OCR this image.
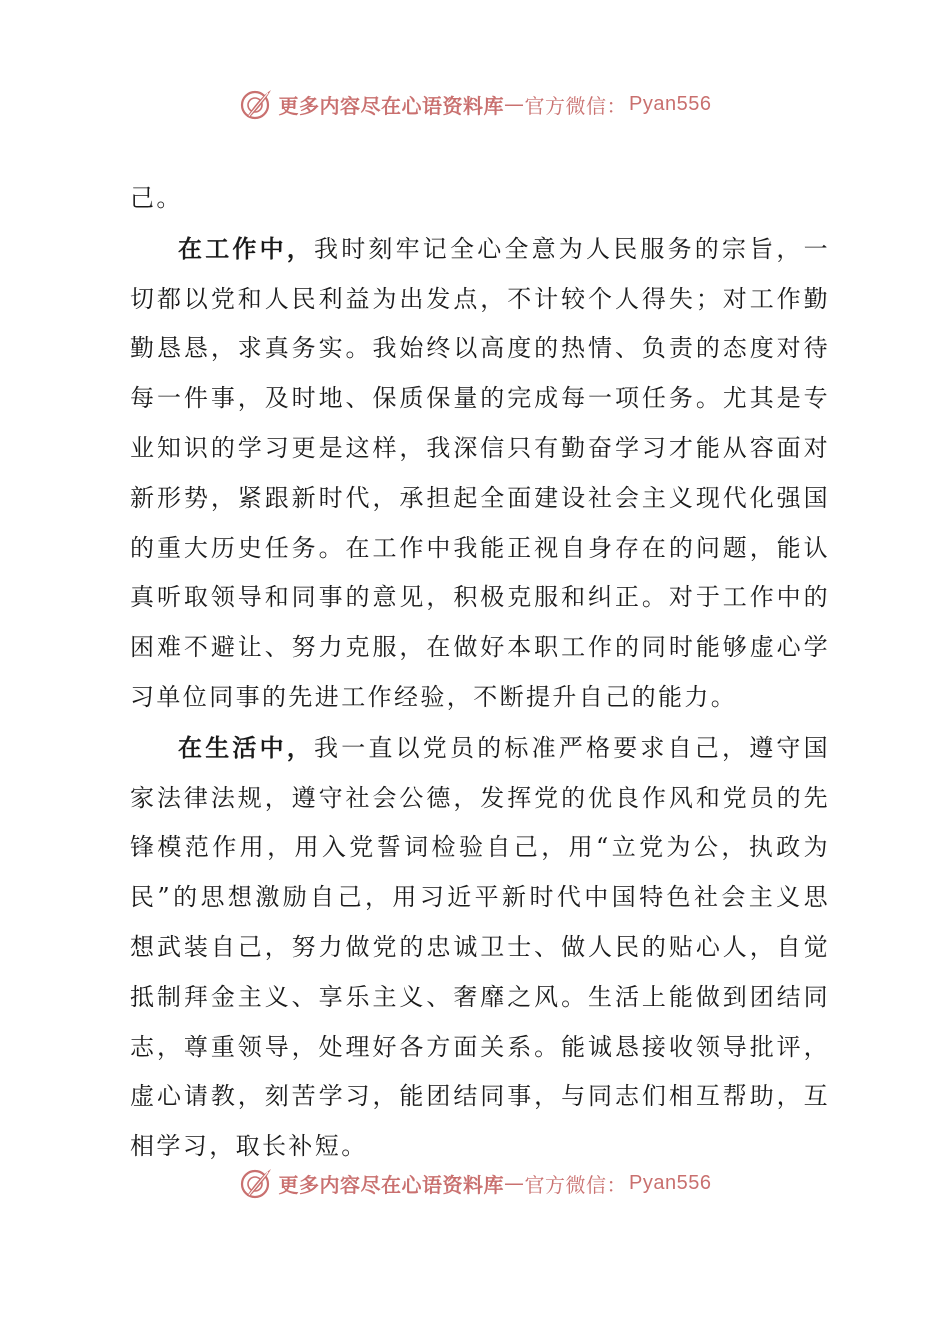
更多内容尽在心语资料库 — 官方微信： Pyan556

己。

在工作中，我时刻牢记全心全意为人民服务的宗旨，一切都以党和人民利益为出发点，不计较个人得失；对工作勤勤恳恳，求真务实。我始终以高度的热情、负责的态度对待每一件事，及时地、保质保量的完成每一项任务。尤其是专业知识的学习更是这样，我深信只有勤奋学习才能从容面对新形势，紧跟新时代，承担起全面建设社会主义现代化强国的重大历史任务。在工作中我能正视自身存在的问题，能认真听取领导和同事的意见，积极克服和纠正。对于工作中的困难不避让、努力克服，在做好本职工作的同时能够虚心学习单位同事的先进工作经验，不断提升自己的能力。

在生活中，我一直以党员的标准严格要求自己，遵守国家法律法规，遵守社会公德，发挥党的优良作风和党员的先锋模范作用，用入党誓词检验自己，用“立党为公，执政为民”的思想激励自己，用习近平新时代中国特色社会主义思想武装自己，努力做党的忠诚卫士、做人民的贴心人，自觉抵制拜金主义、享乐主义、奢靡之风。生活上能做到团结同志，尊重领导，处理好各方面关系。能诚恳接收领导批评，虚心请教，刻苦学习，能团结同事，与同志们相互帮助，互相学习，取长补短。

更多内容尽在心语资料库 — 官方微信： Pyan556
